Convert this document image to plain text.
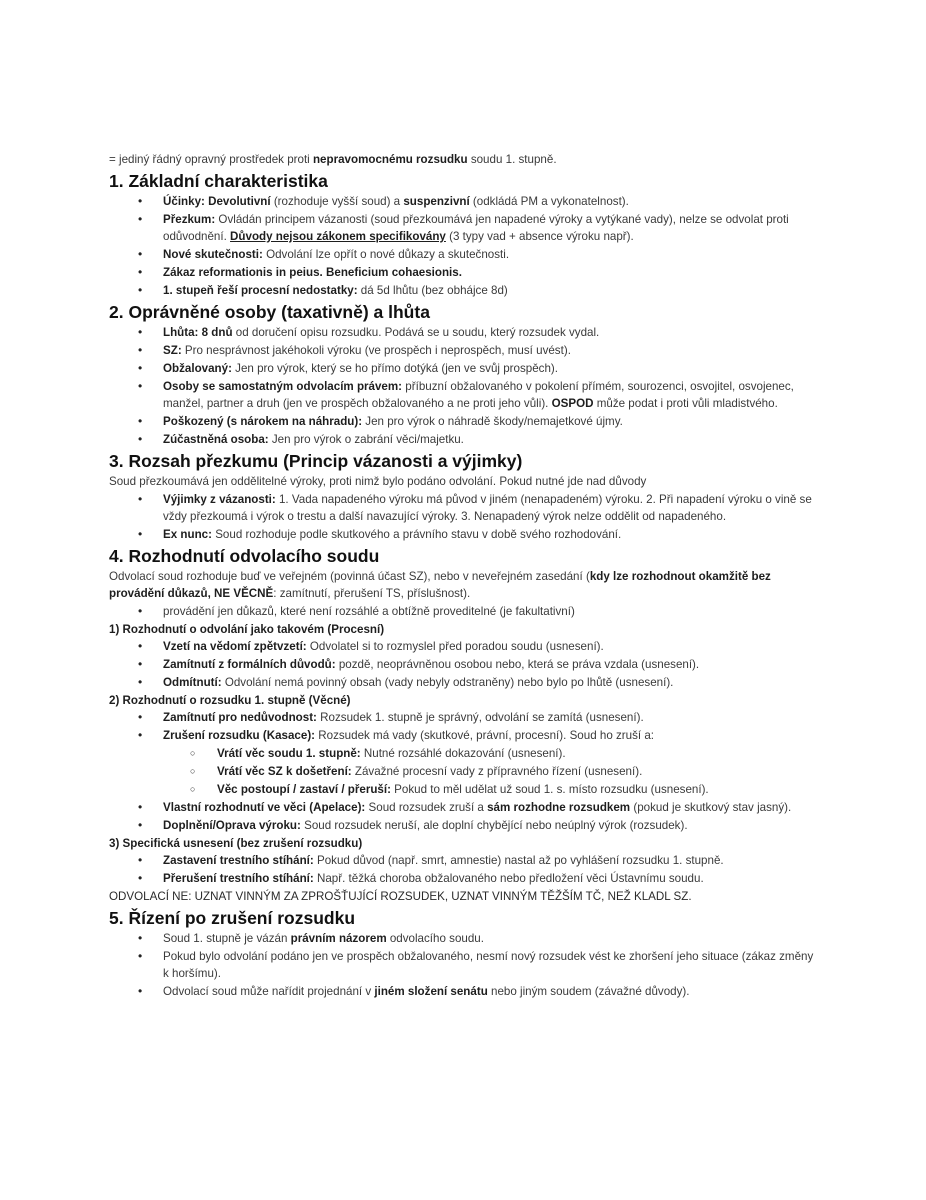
= jediný řádný opravný prostředek proti nepravomocnému rozsudku soudu 1. stupně.

1. Základní charakteristika
• Účinky: Devolutivní (rozhoduje vyšší soud) a suspenzivní (odkládá PM a vykonatelnost).
• Přezkum: Ovládán principem vázanosti (soud přezkoumává jen napadené výroky a vytýkané vady), nelze se odvolat proti odůvodnění. Důvody nejsou zákonem specifikovány (3 typy vad + absence výroku např).
• Nové skutečnosti: Odvolání lze opřít o nové důkazy a skutečnosti.
• Zákaz reformationis in peius. Beneficium cohaesionis.
• 1. stupeň řeší procesní nedostatky: dá 5d lhůtu (bez obhájce 8d)
2. Oprávněné osoby (taxativně) a lhůta
• Lhůta: 8 dnů od doručení opisu rozsudku. Podává se u soudu, který rozsudek vydal.
• SZ: Pro nesprávnost jakéhokoli výroku (ve prospěch i neprospěch, musí uvést).
• Obžalovaný: Jen pro výrok, který se ho přímo dotýká (jen ve svůj prospěch).
• Osoby se samostatným odvolacím právem: příbuzní obžalovaného v pokolení přímém, sourozenci, osvojitel, osvojenec, manžel, partner a druh (jen ve prospěch obžalovaného a ne proti jeho vůli). OSPOD může podat i proti vůli mladistvého.
• Poškozený (s nárokem na náhradu): Jen pro výrok o náhradě škody/nemajetkové újmy.
• Zúčastněná osoba: Jen pro výrok o zabrání věci/majetku.
3. Rozsah přezkumu (Princip vázanosti a výjimky)

Soud přezkoumává jen oddělitelné výroky, proti nimž bylo podáno odvolání. Pokud nutné jde nad důvody

• Výjimky z vázanosti: 1. Vada napadeného výroku má původ v jiném (nenapadeném) výroku. 2. Při napadení výroku o vině se vždy přezkoumá i výrok o trestu a další navazující výroky. 3. Nenapadený výrok nelze oddělit od napadeného.
• Ex nunc: Soud rozhoduje podle skutkového a právního stavu v době svého rozhodování.
4. Rozhodnutí odvolacího soudu

Odvolací soud rozhoduje buď ve veřejném (povinná účast SZ), nebo v neveřejném zasedání (kdy lze rozhodnout okamžitě bez provádění důkazů, NE VĚCNĚ: zamítnutí, přerušení TS, příslušnost).

• provádění jen důkazů, které není rozsáhlé a obtížně proveditelné (je fakultativní)

1) Rozhodnutí o odvolání jako takovém (Procesní)

• Vzetí na vědomí zpětvzetí: Odvolatel si to rozmyslel před poradou soudu (usnesení).
• Zamítnutí z formálních důvodů: pozdě, neoprávněnou osobou nebo, která se práva vzdala (usnesení).
• Odmítnutí: Odvolání nemá povinný obsah (vady nebyly odstraněny) nebo bylo po lhůtě (usnesení).

2) Rozhodnutí o rozsudku 1. stupně (Věcné)

• Zamítnutí pro nedůvodnost: Rozsudek 1. stupně je správný, odvolání se zamítá (usnesení).
• Zrušení rozsudku (Kasace): Rozsudek má vady (skutkové, právní, procesní). Soud ho zruší a:
○ Vrátí věc soudu 1. stupně: Nutné rozsáhlé dokazování (usnesení).
○ Vrátí věc SZ k došetření: Závažné procesní vady z přípravného řízení (usnesení).
○ Věc postoupí / zastaví / přeruší: Pokud to měl udělat už soud 1. s. místo rozsudku (usnesení).
• Vlastní rozhodnutí ve věci (Apelace): Soud rozsudek zruší a sám rozhodne rozsudkem (pokud je skutkový stav jasný).
• Doplnění/Oprava výroku: Soud rozsudek neruší, ale doplní chybějící nebo neúplný výrok (rozsudek).

3) Specifická usnesení (bez zrušení rozsudku)

• Zastavení trestního stíhání: Pokud důvod (např. smrt, amnestie) nastal až po vyhlášení rozsudku 1. stupně.
• Přerušení trestního stíhání: Např. těžká choroba obžalovaného nebo předložení věci Ústavnímu soudu.

ODVOLACÍ NE: UZNAT VINNÝM ZA ZPROŠŤUJÍCÍ ROZSUDEK, UZNAT VINNÝM TĚŽŠÍM TČ, NEŽ KLADL SZ.

5. Řízení po zrušení rozsudku
• Soud 1. stupně je vázán právním názorem odvolacího soudu.
• Pokud bylo odvolání podáno jen ve prospěch obžalovaného, nesmí nový rozsudek vést ke zhoršení jeho situace (zákaz změny k horšímu).
• Odvolací soud může nařídit projednání v jiném složení senátu nebo jiným soudem (závažné důvody).
